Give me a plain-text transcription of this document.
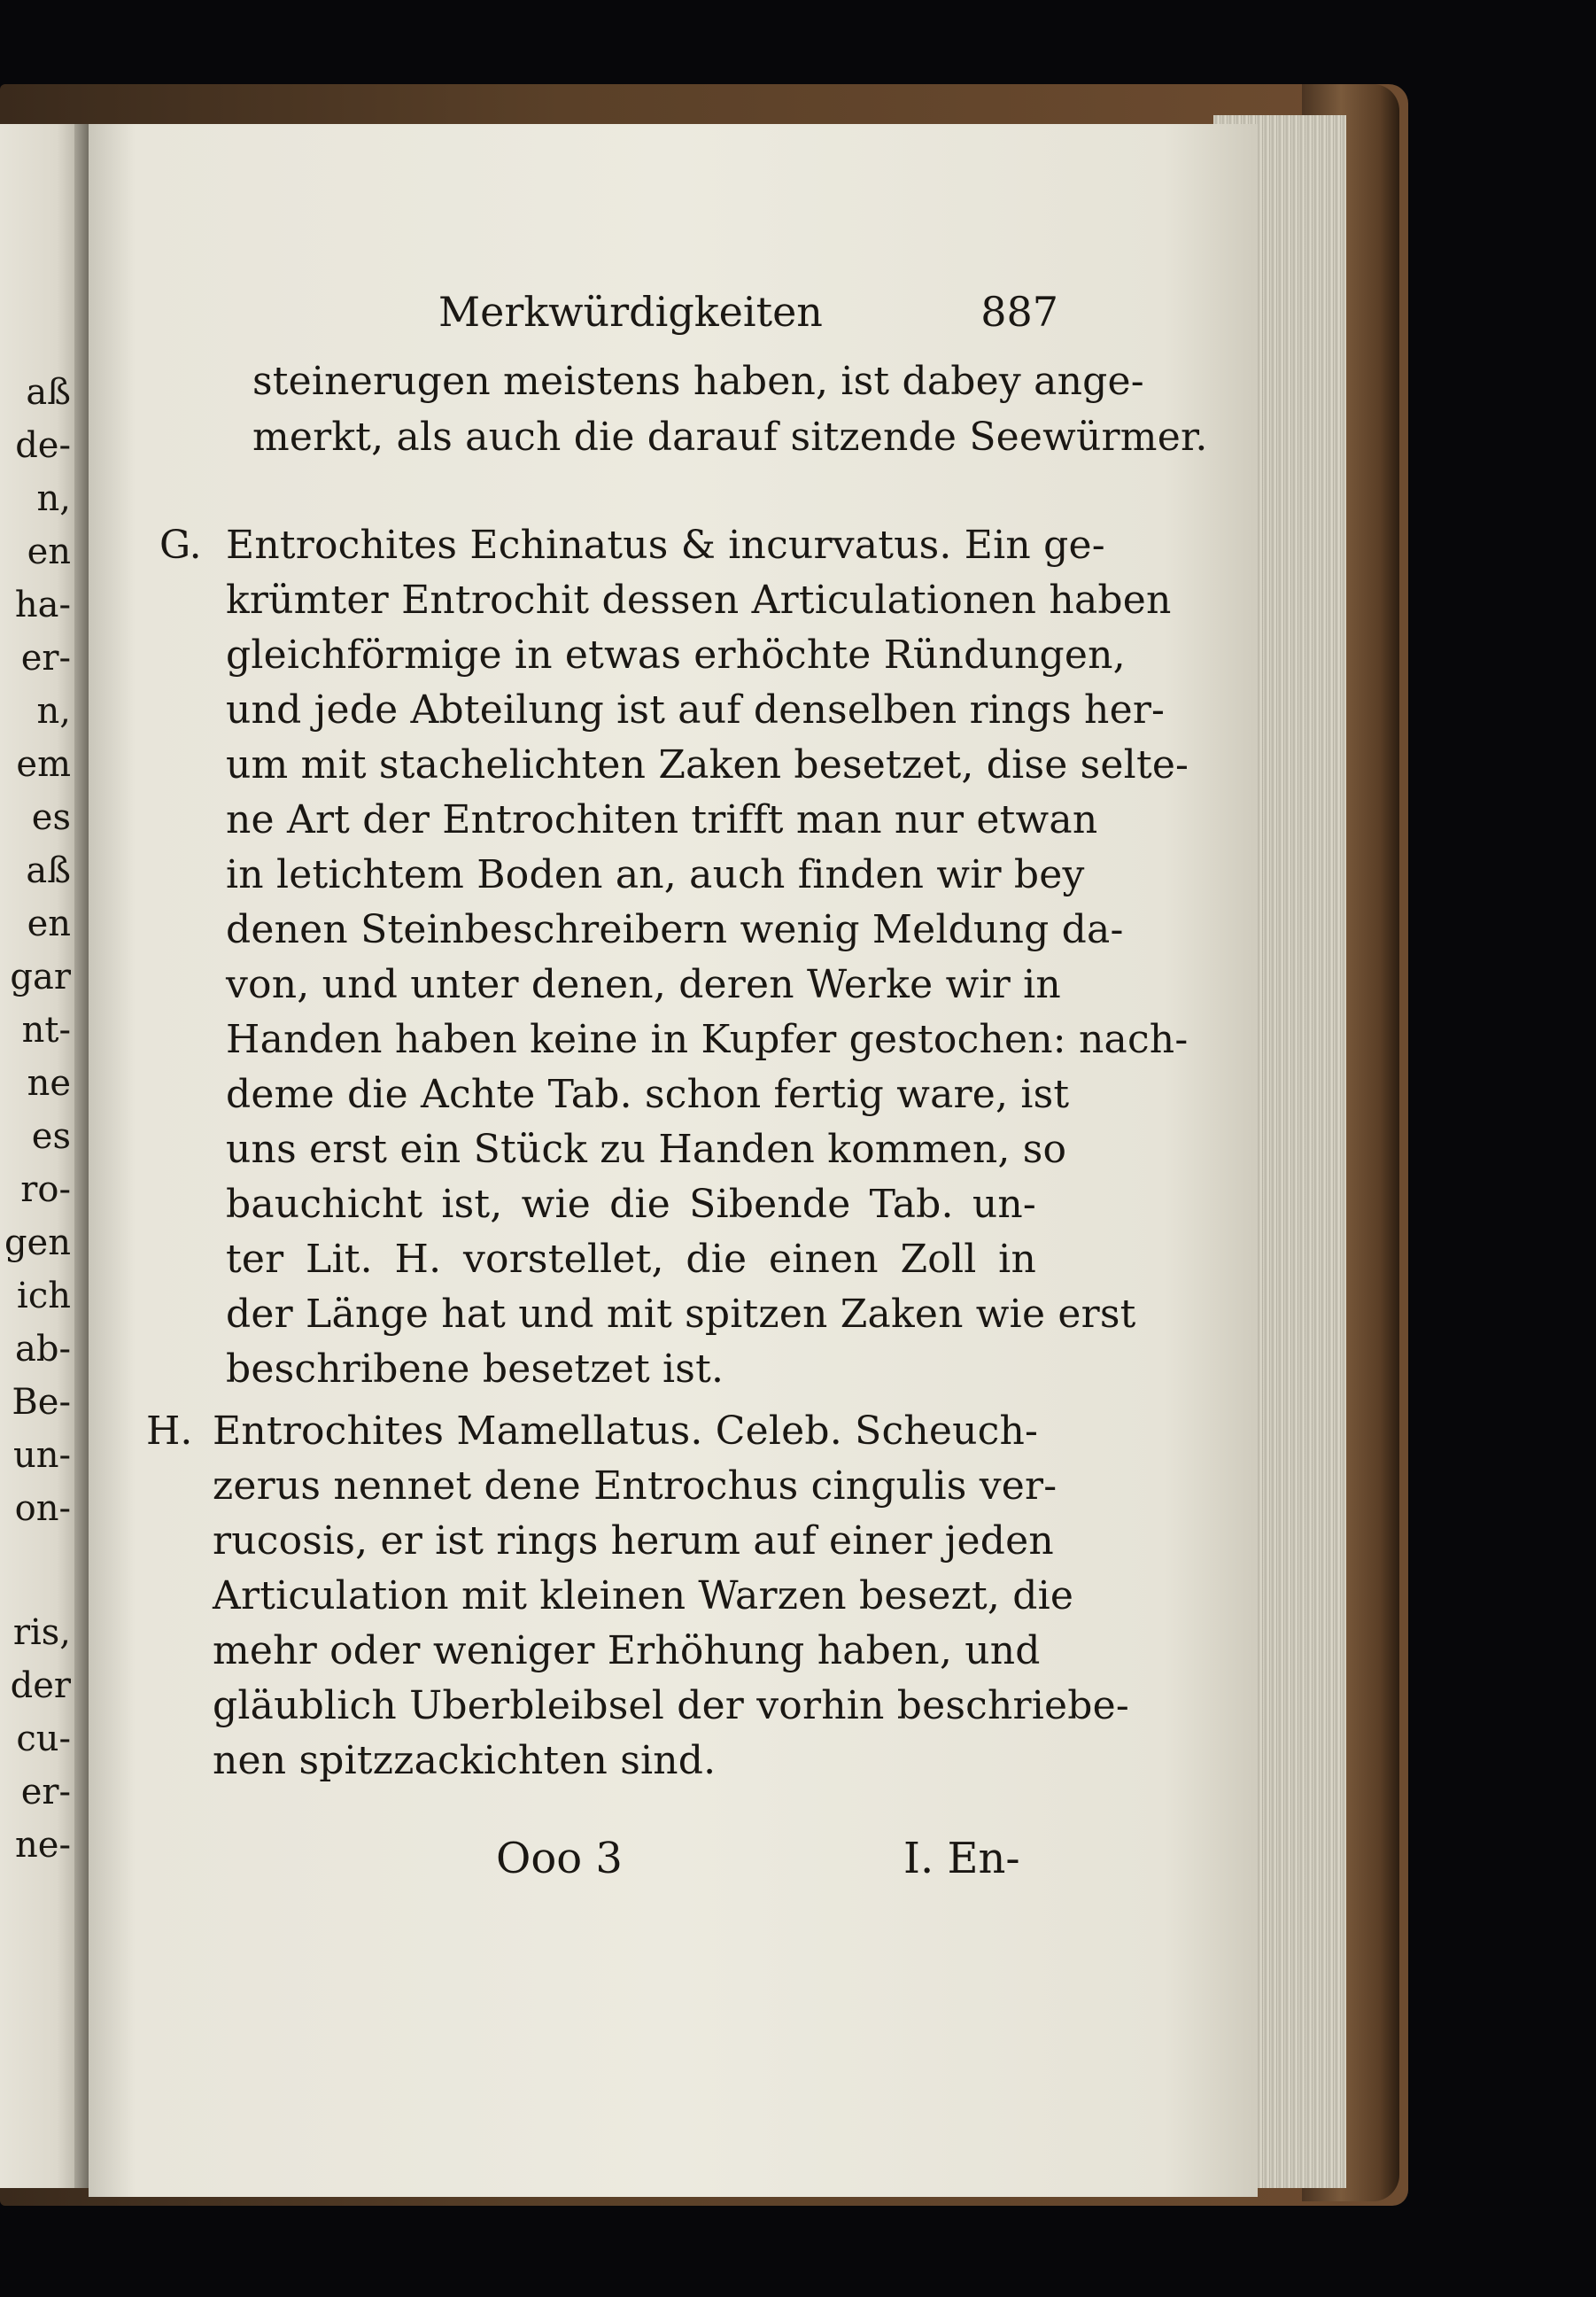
Merkwürdigkeiten	887
G.
H.
Ooo 3	I. En-
steinerugen meistens haben, ist dabey ange-
merkt, als auch die darauf sitzende Seewürmer.
Entrochites Echinatus & incurvatus. Ein ge-
krümter Entrochit dessen Articulationen haben
gleichförmige in etwas erhöchte Ründungen,
und jede Abteilung ist auf denselben rings her-
um mit stachelichten Zaken besetzet, dise selte-
ne Art der Entrochiten trifft man nur etwan
in letichtem Boden an, auch finden wir bey
denen Steinbeschreibern wenig Meldung da-
von, und unter denen, deren Werke wir in
Handen haben keine in Kupfer gestochen: nach-
deme die Achte Tab. schon fertig ware, ist
uns erst ein Stück zu Handen kommen, so
bauchicht ist, wie die Sibende Tab. un-
ter Lit. H. vorstellet, die einen Zoll in
der Länge hat und mit spitzen Zaken wie erst
beschribene besetzet ist.
Entrochites Mamellatus. Celeb. Scheuch-
zerus nennet dene Entrochus cingulis ver-
rucosis, er ist rings herum auf einer jeden
Articulation mit kleinen Warzen besezt, die
mehr oder weniger Erhöhung haben, und
gläublich Uberbleibsel der vorhin beschriebe-
nen spitzzackichten sind.
aß
de-
n,
en
ha-
er-
n,
em
es
aß
en
gar
nt-
ne
es
ro-
gen
ich
ab-
Be-
un-
on-
ris,
der
cu-
er-
ne-
